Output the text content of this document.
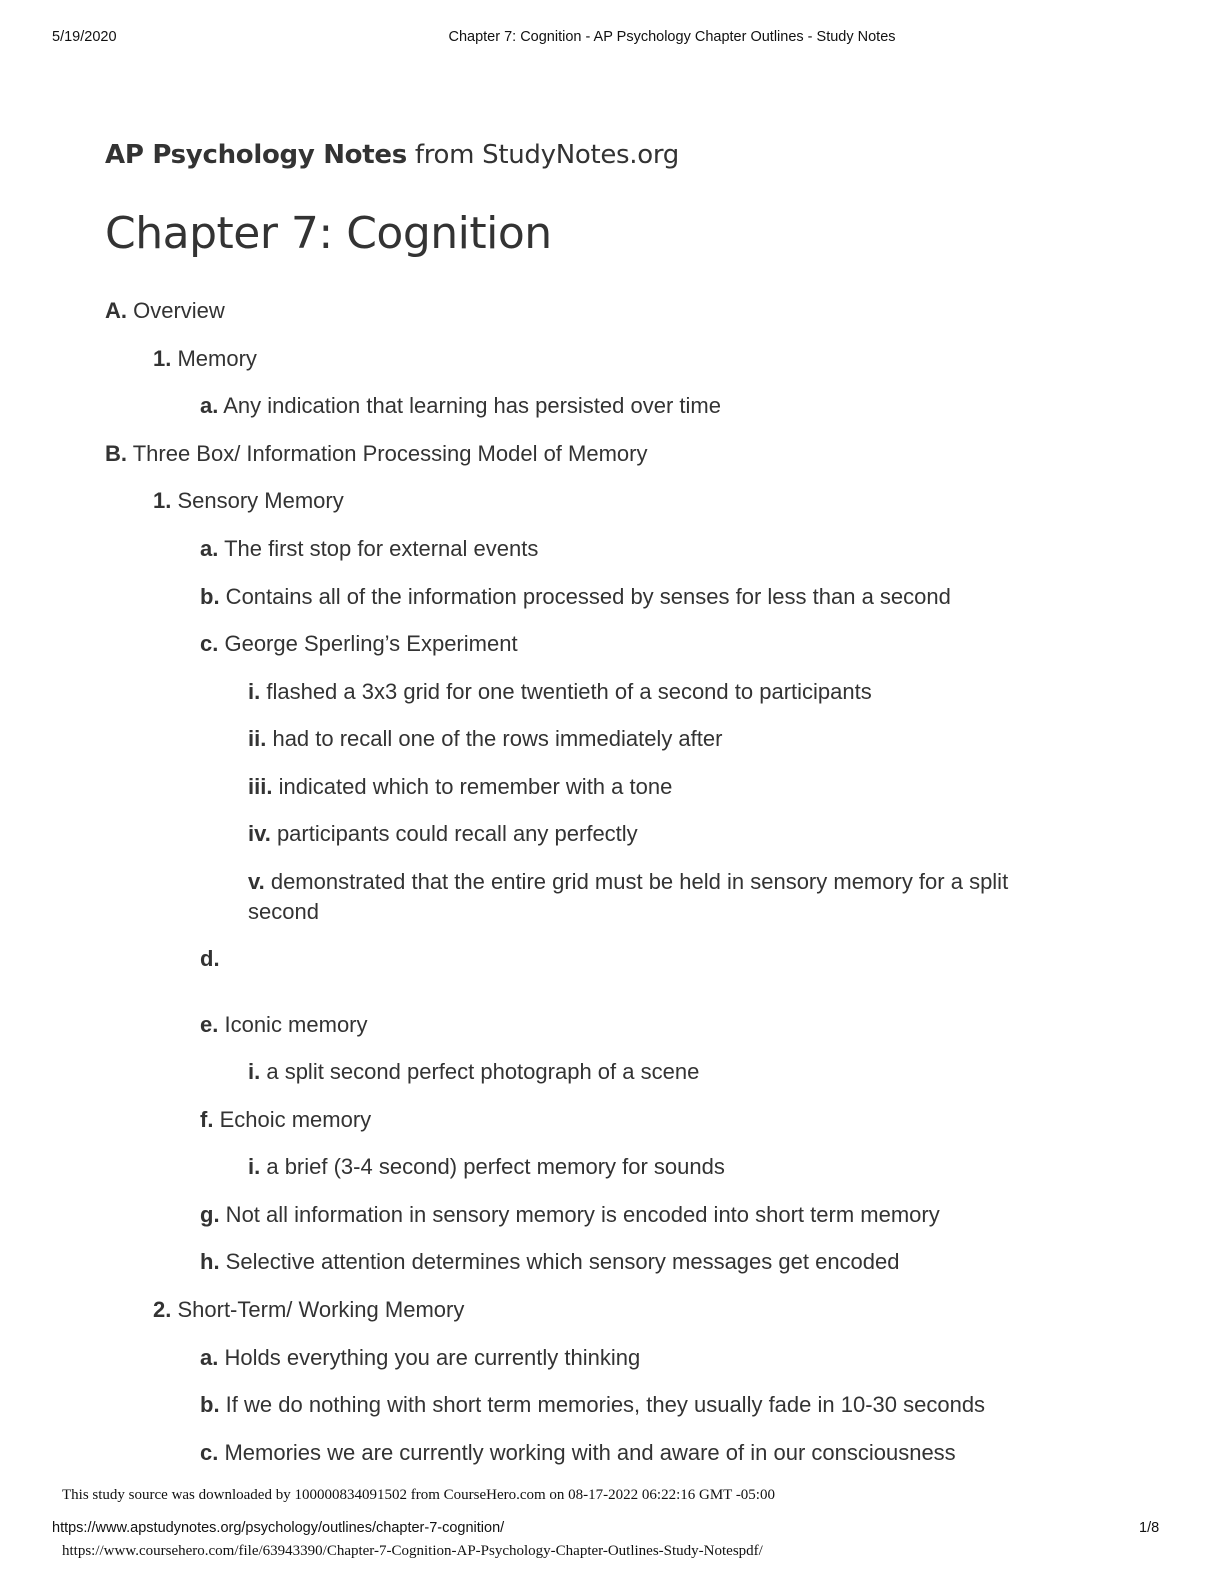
5/19/2020	Chapter 7: Cognition - AP Psychology Chapter Outlines - Study Notes
AP Psychology Notes from StudyNotes.org
Chapter 7: Cognition
A. Overview
1. Memory
a. Any indication that learning has persisted over time
B. Three Box/ Information Processing Model of Memory
1. Sensory Memory
a. The first stop for external events
b. Contains all of the information processed by senses for less than a second
c. George Sperling’s Experiment
i. flashed a 3x3 grid for one twentieth of a second to participants
ii. had to recall one of the rows immediately after
iii. indicated which to remember with a tone
iv. participants could recall any perfectly
v. demonstrated that the entire grid must be held in sensory memory for a split second
d.
e. Iconic memory
i. a split second perfect photograph of a scene
f. Echoic memory
i. a brief (3-4 second) perfect memory for sounds
g. Not all information in sensory memory is encoded into short term memory
h. Selective attention determines which sensory messages get encoded
2. Short-Term/ Working Memory
a. Holds everything you are currently thinking
b. If we do nothing with short term memories, they usually fade in 10-30 seconds
c. Memories we are currently working with and aware of in our consciousness
This study source was downloaded by 100000834091502 from CourseHero.com on 08-17-2022 06:22:16 GMT -05:00
https://www.apstudynotes.org/psychology/outlines/chapter-7-cognition/	1/8
https://www.coursehero.com/file/63943390/Chapter-7-Cognition-AP-Psychology-Chapter-Outlines-Study-Notespdf/
